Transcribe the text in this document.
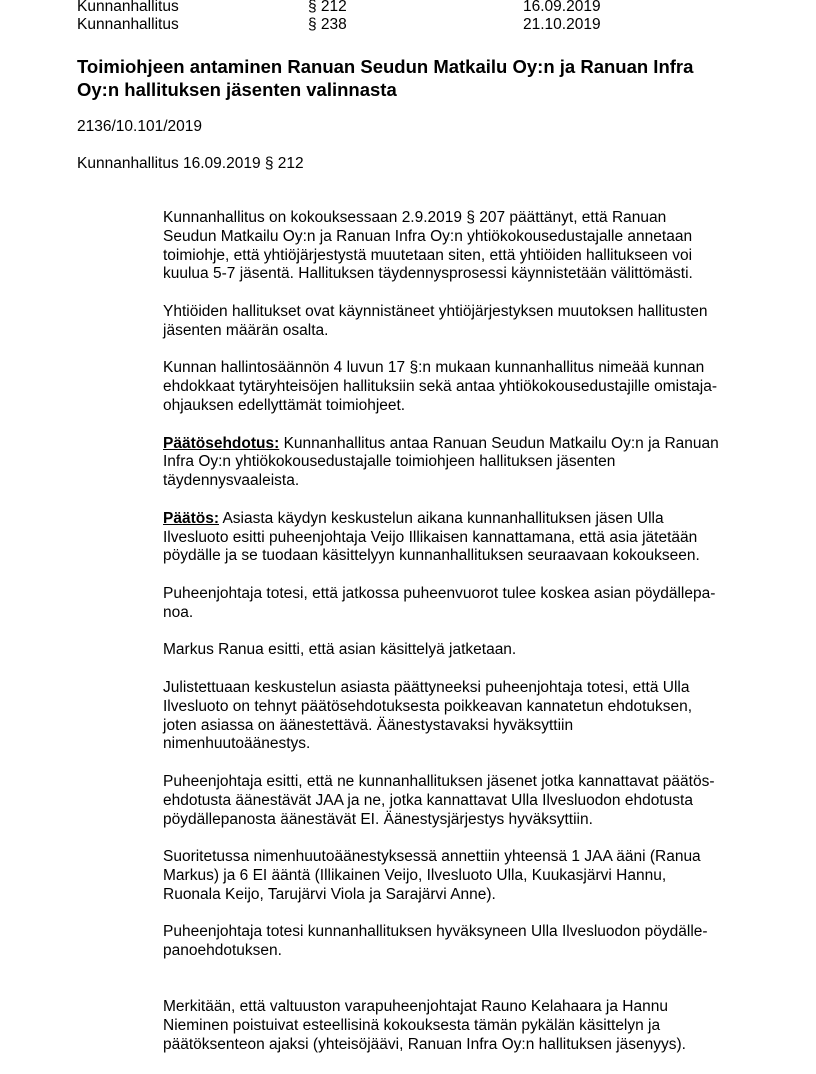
Kunnanhallitus	§ 212	16.09.2019
Kunnanhallitus	§ 238	21.10.2019
Toimiohjeen antaminen Ranuan Seudun Matkailu Oy:n ja Ranuan Infra
Oy:n hallituksen jäsenten valinnasta
2136/10.101/2019
Kunnanhallitus 16.09.2019 § 212

Kunnanhallitus on kokouksessaan 2.9.2019 § 207 päättänyt, että Ranuan
Seudun Matkailu Oy:n ja Ranuan Infra Oy:n yhtiökokousedustajalle annetaan
toimiohje, että yhtiöjärjestystä muutetaan siten, että yhtiöiden hallitukseen voi
kuulua 5-7 jäsentä. Hallituksen täydennysprosessi käynnistetään välittömästi.

Yhtiöiden hallitukset ovat käynnistäneet yhtiöjärjestyksen muutoksen hallitusten
jäsenten määrän osalta.

Kunnan hallintosäännön 4 luvun 17 §:n mukaan kunnanhallitus nimeää kunnan
ehdokkaat tytäryhteisöjen hallituksiin sekä antaa yhtiökokousedustajille omistaja-
ohjauksen edellyttämät toimiohjeet.

Päätösehdotus: Kunnanhallitus antaa Ranuan Seudun Matkailu Oy:n ja Ranuan
Infra Oy:n yhtiökokousedustajalle toimiohjeen hallituksen jäsenten
täydennysvaaleista.

Päätös: Asiasta käydyn keskustelun aikana kunnanhallituksen jäsen Ulla
Ilvesluoto esitti puheenjohtaja Veijo Illikaisen kannattamana, että asia jätetään
pöydälle ja se tuodaan käsittelyyn kunnanhallituksen seuraavaan kokoukseen.

Puheenjohtaja totesi, että jatkossa puheenvuorot tulee koskea asian pöydällepa-
noa.

Markus Ranua esitti, että asian käsittelyä jatketaan.

Julistettuaan keskustelun asiasta päättyneeksi puheenjohtaja totesi, että Ulla
Ilvesluoto on tehnyt päätösehdotuksesta poikkeavan kannatetun ehdotuksen,
joten asiassa on äänestettävä. Äänestystavaksi hyväksyttiin
nimenhuutoäänestys.

Puheenjohtaja esitti, että ne kunnanhallituksen jäsenet jotka kannattavat päätös-
ehdotusta äänestävät JAA ja ne, jotka kannattavat Ulla Ilvesluodon ehdotusta
pöydällepanosta äänestävät EI. Äänestysjärjestys hyväksyttiin.

Suoritetussa nimenhuutoäänestyksessä annettiin yhteensä 1 JAA ääni (Ranua
Markus) ja 6 EI ääntä (Illikainen Veijo, Ilvesluoto Ulla, Kuukasjärvi Hannu,
Ruonala Keijo, Tarujärvi Viola ja Sarajärvi Anne).

Puheenjohtaja totesi kunnanhallituksen hyväksyneen Ulla Ilvesluodon pöydälle-
panoehdotuksen.

Merkitään, että valtuuston varapuheenjohtajat Rauno Kelahaara ja Hannu
Nieminen poistuivat esteellisinä kokouksesta tämän pykälän käsittelyn ja
päätöksenteon ajaksi (yhteisöjäävi, Ranuan Infra Oy:n hallituksen jäsenyys).
